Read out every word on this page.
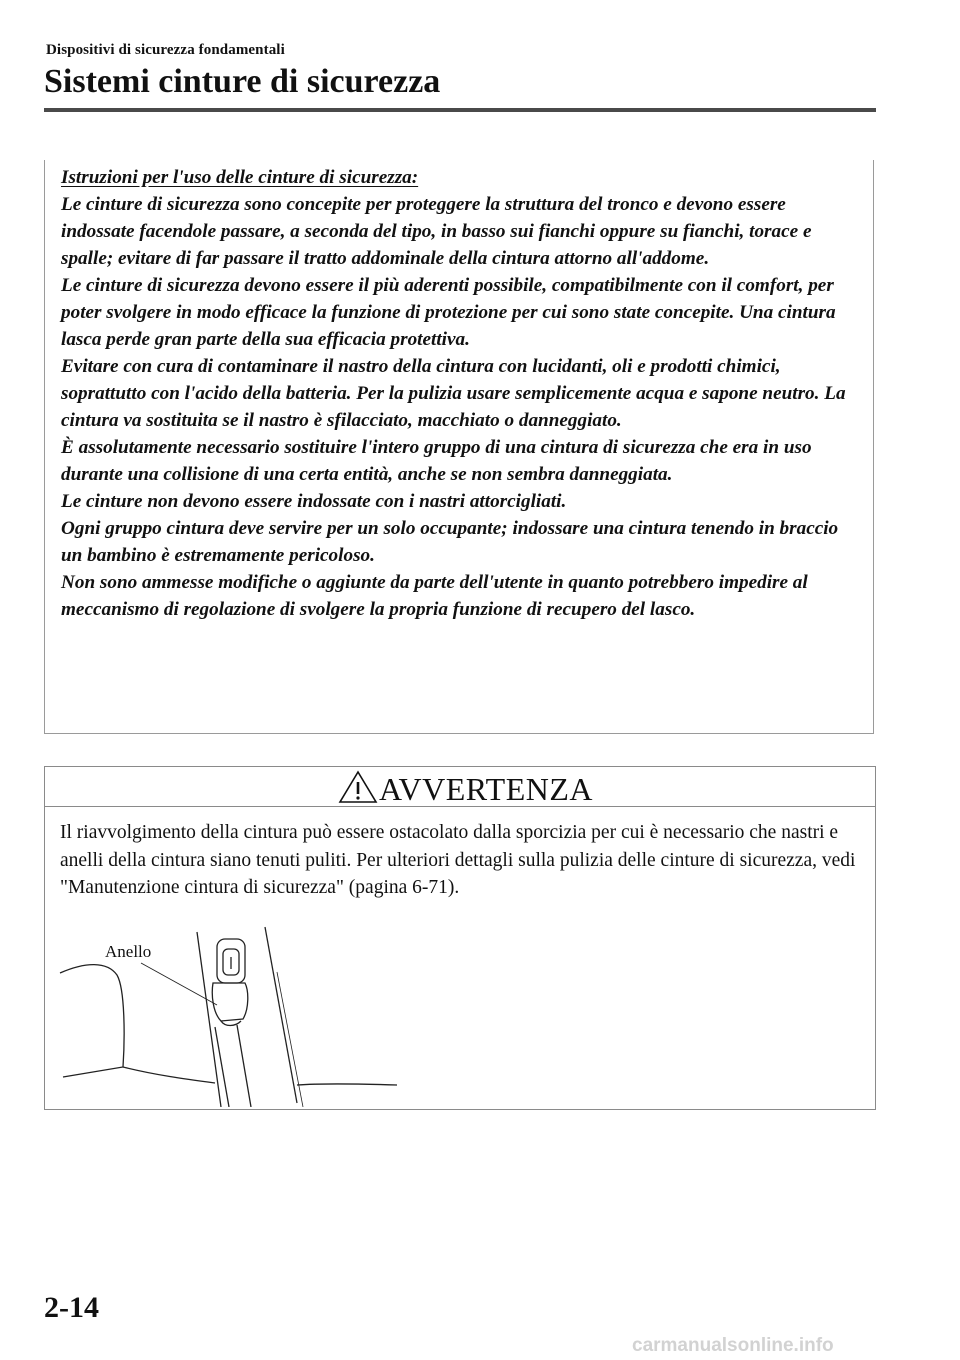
Dispositivi di sicurezza fondamentali
Sistemi cinture di sicurezza

Istruzioni per l'uso delle cinture di sicurezza:

Le cinture di sicurezza sono concepite per proteggere la struttura del tronco e devono essere indossate facendole passare, a seconda del tipo, in basso sui fianchi oppure su fianchi, torace e spalle; evitare di far passare il tratto addominale della cintura attorno all'addome.

Le cinture di sicurezza devono essere il più aderenti possibile, compatibilmente con il comfort, per poter svolgere in modo efficace la funzione di protezione per cui sono state concepite. Una cintura lasca perde gran parte della sua efficacia protettiva.

Evitare con cura di contaminare il nastro della cintura con lucidanti, oli e prodotti chimici, soprattutto con l'acido della batteria. Per la pulizia usare semplicemente acqua e sapone neutro. La cintura va sostituita se il nastro è sfilacciato, macchiato o danneggiato.

È assolutamente necessario sostituire l'intero gruppo di una cintura di sicurezza che era in uso durante una collisione di una certa entità, anche se non sembra danneggiata.

Le cinture non devono essere indossate con i nastri attorcigliati.

Ogni gruppo cintura deve servire per un solo occupante; indossare una cintura tenendo in braccio un bambino è estremamente pericoloso.

Non sono ammesse modifiche o aggiunte da parte dell'utente in quanto potrebbero impedire al meccanismo di regolazione di svolgere la propria funzione di recupero del lasco.

AVVERTENZA

Il riavvolgimento della cintura può essere ostacolato dalla sporcizia per cui è necessario che nastri e anelli della cintura siano tenuti puliti. Per ulteriori dettagli sulla pulizia delle cinture di sicurezza, vedi "Manutenzione cintura di sicurezza" (pagina 6-71).

Anello
2-14
carmanualsonline.info
